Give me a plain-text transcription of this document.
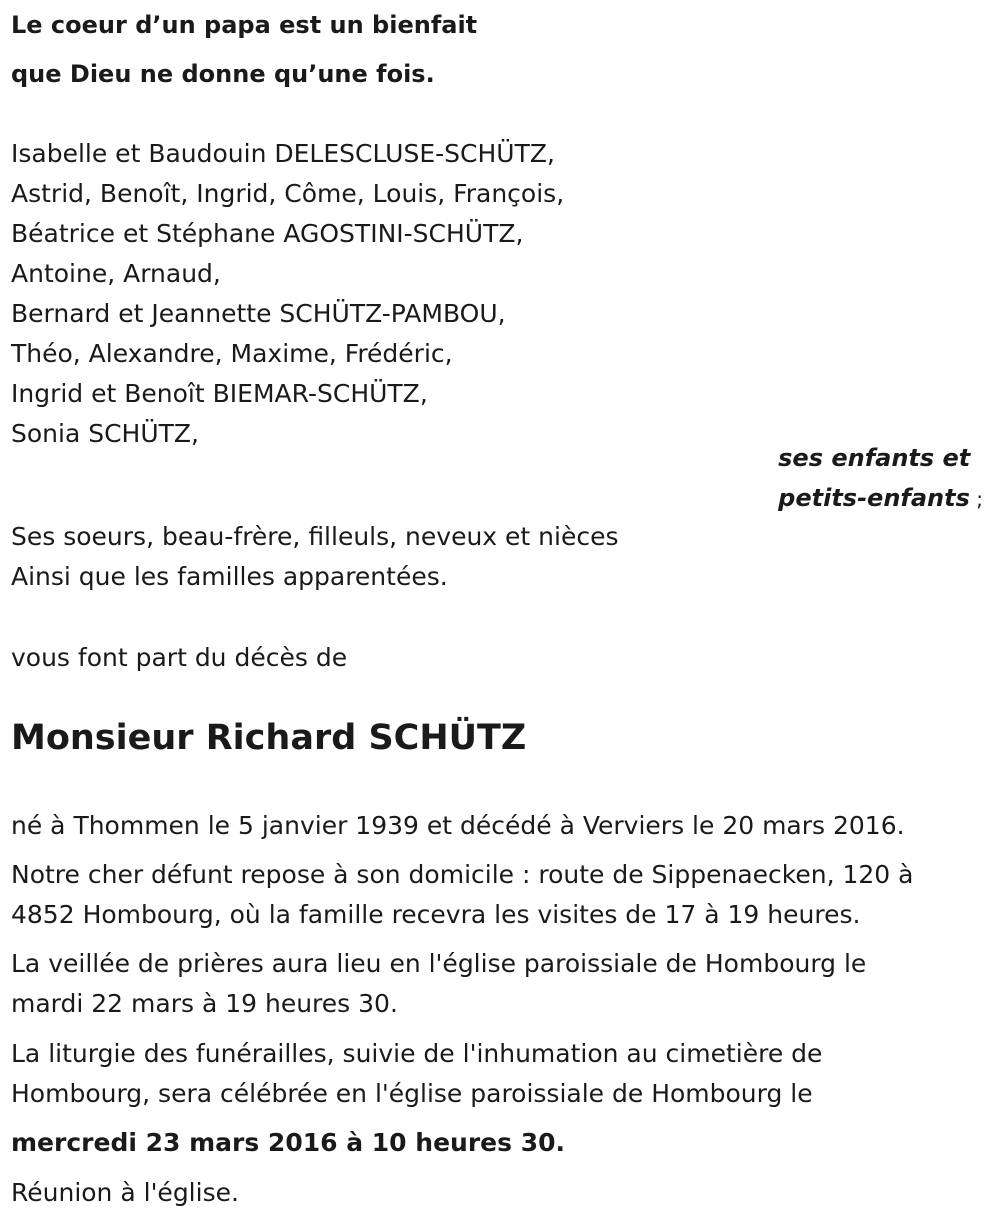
Le coeur d’un papa est un bienfait
que Dieu ne donne qu’une fois.
Isabelle et Baudouin DELESCLUSE-SCHÜTZ,
Astrid, Benoît, Ingrid, Côme, Louis, François,
Béatrice et Stéphane AGOSTINI-SCHÜTZ,
Antoine, Arnaud,
Bernard et Jeannette SCHÜTZ-PAMBOU,
Théo, Alexandre, Maxime, Frédéric,
Ingrid et Benoît BIEMAR-SCHÜTZ,
Sonia SCHÜTZ,
ses enfants et
petits-enfants ;
Ses soeurs, beau-frère, filleuls, neveux et nièces
Ainsi que les familles apparentées.
vous font part du décès de
Monsieur Richard SCHÜTZ
né à Thommen le 5 janvier 1939 et décédé à Verviers le 20 mars 2016.
Notre cher défunt repose à son domicile : route de Sippenaecken, 120 à
4852 Hombourg, où la famille recevra les visites de 17 à 19 heures.
La veillée de prières aura lieu en l'église paroissiale de Hombourg le
mardi 22 mars à 19 heures 30.
La liturgie des funérailles, suivie de l'inhumation au cimetière de
Hombourg, sera célébrée en l'église paroissiale de Hombourg le
mercredi 23 mars 2016 à 10 heures 30.
Réunion à l'église.
